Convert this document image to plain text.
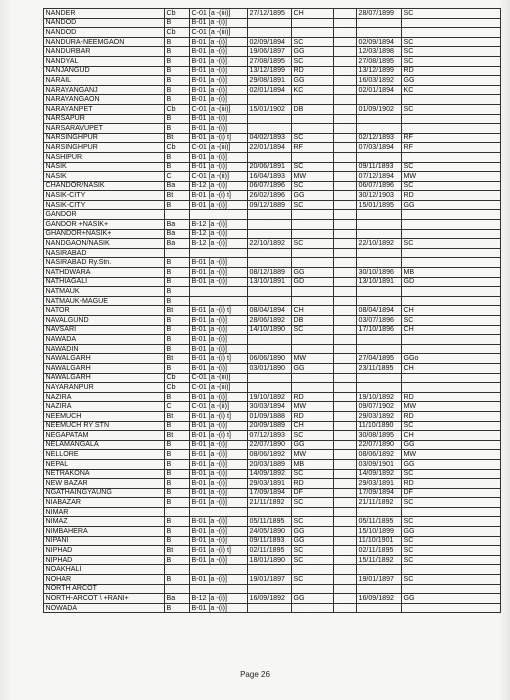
NANDER	Cb	C-01 [a -(iii)]	27/12/1895	CH		28/07/1899	SC
NANDOD	B	B-01 [a -(i)]					
NANDOD	Cb	C-01 [a -(iii)]					
NANDURA-NEEMGAON	B	B-01 [a -(i)]	02/09/1894	SC		02/09/1894	SC
NANDURBAR	B	B-01 [a -(i)]	19/06/1897	GG		12/03/1898	SC
NANDYAL	B	B-01 [a -(i)]	27/08/1895	SC		27/08/1895	SC
NANJANGUD	B	B-01 [a -(i)]	13/12/1899	RD		13/12/1899	RD
NARAIL	B	B-01 [a -(i)]	29/08/1891	GG		16/03/1892	GG
NARAYANGANJ	B	B-01 [a -(i)]	02/01/1894	KC		02/01/1894	KC
NARAYANGAON	B	B-01 [a -(i)]					
NARAYANPET	Cb	C-01 [a -(iii)]	15/01/1902	DB		01/09/1902	SC
NARSAPUR	B	B-01 [a -(i)]					
NARSARAVUPET	B	B-01 [a -(i)]					
NARSINGHPUR	Bt	B-01 [a -(i) t]	04/02/1893	SC		02/12/1893	RF
NARSINGHPUR	Cb	C-01 [a -(iii)]	22/01/1894	RF		07/03/1894	RF
NASHIPUR	B	B-01 [a -(i)]					
NASIK	B	B-01 [a -(i)]	20/06/1891	SC		09/11/1893	SC
NASIK	C	C-01 [a -(ii)]	16/04/1893	MW		07/12/1894	MW
CHANDOR/NASIK	Ba	B-12 [a -(i)]	06/07/1896	SC		06/07/1896	SC
NASIK-CITY	Bt	B-01 [a -(i) t]	26/02/1896	GG		30/12/1903	RD
NASIK-CITY	B	B-01 [a -(i)]	09/12/1889	SC		15/01/1895	GG
GANDOR							
GANDOR +NASIK+	Ba	B-12 [a -(i)]					
GHANDOR+NASIK+	Ba	B-12 [a -(i)]					
NANDGAON/NASIK	Ba	B-12 [a -(i)]	22/10/1892	SC		22/10/1892	SC
NASIRABAD							
NASIRABAD Ry.Stn.	B	B-01 [a -(i)]					
NATHDWARA	B	B-01 [a -(i)]	08/12/1889	GG		30/10/1896	MB
NATHIAGALI	B	B-01 [a -(i)]	13/10/1891	GD		13/10/1891	GD
NATMAUK	B						
NATMAUK-MAGUE	B						
NATOR	Bt	B-01 [a -(i) t]	08/04/1894	CH		08/04/1894	CH
NAVALGUND	B	B-01 [a -(i)]	28/06/1892	DB		03/07/1896	SC
NAVSARI	B	B-01 [a -(i)]	14/10/1890	SC		17/10/1896	CH
NAWADA	B	B-01 [a -(i)]					
NAWADIN	B	B-01 [a -(i)]					
NAWALGARH	Bt	B-01 [a -(i) t]	06/06/1890	MW		27/04/1895	GGo
NAWALGARH	B	B-01 [a -(i)]	03/01/1890	GG		23/11/1895	CH
NAWALGARH	Cb	C-01 [a -(iii)]					
NAYARANPUR	Cb	C-01 [a -(iii)]					
NAZIRA	B	B-01 [a -(i)]	19/10/1892	RD		19/10/1892	RD
NAZIRA	C	C-01 [a -(ii)]	30/03/1894	MW		09/07/1902	MW
NEEMUCH	Bt	B-01 [a -(i) t]	01/09/1888	RD		29/03/1892	RD
NEEMUCH RY STN	B	B-01 [a -(i)]	20/09/1889	CH		11/10/1890	SC
NEGAPATAM	Bt	B-01 [a -(i) t]	07/12/1893	SC		30/08/1895	CH
NELAMANGALA	B	B-01 [a -(i)]	22/07/1890	GG		22/07/1890	GG
NELLORE	B	B-01 [a -(i)]	08/06/1892	MW		08/06/1892	MW
NEPAL	B	B-01 [a -(i)]	20/03/1889	MB		03/09/1901	GG
NETRAKONA	B	B-01 [a -(i)]	14/09/1892	SC		14/09/1892	SC
NEW BAZAR	B	B-01 [a -(i)]	29/03/1891	RD		29/03/1891	RD
NGATHAINGYAUNG	B	B-01 [a -(i)]	17/09/1894	DF		17/09/1894	DF
NIABAZAR	B	B-01 [a -(i)]	21/11/1892	SC		21/11/1892	SC
NIMAR							
NIMAZ	B	B-01 [a -(i)]	05/11/1895	SC		05/11/1895	SC
NIMBAHERA	B	B-01 [a -(i)]	24/05/1890	GG		15/10/1899	GG
NIPANI	B	B-01 [a -(i)]	09/11/1893	GG		11/10/1901	SC
NIPHAD	Bt	B-01 [a -(i) t]	02/11/1895	SC		02/11/1895	SC
NIPHAD	B	B-01 [a -(i)]	18/01/1890	SC		15/11/1892	SC
NOAKHALI							
NOHAR	B	B-01 [a -(i)]	19/01/1897	SC		19/01/1897	SC
NORTH ARCOT							
NORTH-ARCOT \ +RANI+	Ba	B-12 [a -(i)]	16/09/1892	GG		16/09/1892	GG
NOWADA	B	B-01 [a -(i)]					
Page 26
